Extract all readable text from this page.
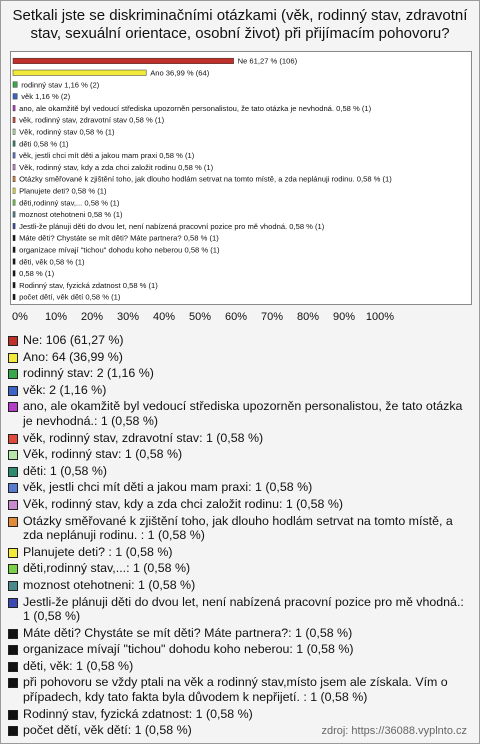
Setkali jste se diskriminačními otázkami (věk, rodinný stav, zdravotní stav, sexuální orientace, osobní život) při přijímacím pohovoru?
Ne 61,27 % (106)
Ano 36,99 % (64)
rodinný stav 1,16 % (2)
věk 1,16 % (2)
ano, ale okamžitě byl vedoucí střediska upozorněn personalistou, že tato otázka je nevhodná. 0,58 % (1)
věk, rodinný stav, zdravotní stav 0,58 % (1)
Věk, rodinný stav 0,58 % (1)
děti 0,58 % (1)
věk, jestli chci mít děti a jakou mam praxi 0,58 % (1)
Věk, rodinný stav, kdy a zda chci založit rodinu 0,58 % (1)
Otázky směřované k zjištění toho, jak dlouho hodlám setrvat na tomto místě, a zda neplánuji rodinu. 0,58 % (1)
Planujete deti? 0,58 % (1)
děti,rodinný stav,... 0,58 % (1)
moznost otehotneni 0,58 % (1)
Jestli-že plánuji děti do dvou let, není nabízená pracovní pozice pro mě vhodná. 0,58 % (1)
Máte děti? Chystáte se mít děti? Máte partnera? 0,58 % (1)
organizace mívají "tichou" dohodu koho neberou 0,58 % (1)
děti, věk 0,58 % (1)
0,58 % (1)
Rodinný stav, fyzická zdatnost 0,58 % (1)
počet dětí, věk dětí 0,58 % (1)
0% 10% 20% 30% 40% 50% 60% 70% 80% 90% 100%
Ne: 106 (61,27 %)
Ano: 64 (36,99 %)
rodinný stav: 2 (1,16 %)
věk: 2 (1,16 %)
ano, ale okamžitě byl vedoucí střediska upozorněn personalistou, že tato otázka je nevhodná.: 1 (0,58 %)
věk, rodinný stav, zdravotní stav: 1 (0,58 %)
Věk, rodinný stav: 1 (0,58 %)
děti: 1 (0,58 %)
věk, jestli chci mít děti a jakou mam praxi: 1 (0,58 %)
Věk, rodinný stav, kdy a zda chci založit rodinu: 1 (0,58 %)
Otázky směřované k zjištění toho, jak dlouho hodlám setrvat na tomto místě, a zda neplánuji rodinu. : 1 (0,58 %)
Planujete deti? : 1 (0,58 %)
děti,rodinný stav,...: 1 (0,58 %)
moznost otehotneni: 1 (0,58 %)
Jestli-že plánuji děti do dvou let, není nabízená pracovní pozice pro mě vhodná.: 1 (0,58 %)
Máte děti? Chystáte se mít děti? Máte partnera?: 1 (0,58 %)
organizace mívají "tichou" dohodu koho neberou: 1 (0,58 %)
děti, věk: 1 (0,58 %)
při pohovoru se vždy ptali na věk a rodinný stav,místo jsem ale získala. Vím o případech, kdy tato fakta byla důvodem k nepřijetí. : 1 (0,58 %)
Rodinný stav, fyzická zdatnost: 1 (0,58 %)
počet dětí, věk dětí: 1 (0,58 %)	zdroj: https://36088.vyplnto.cz
